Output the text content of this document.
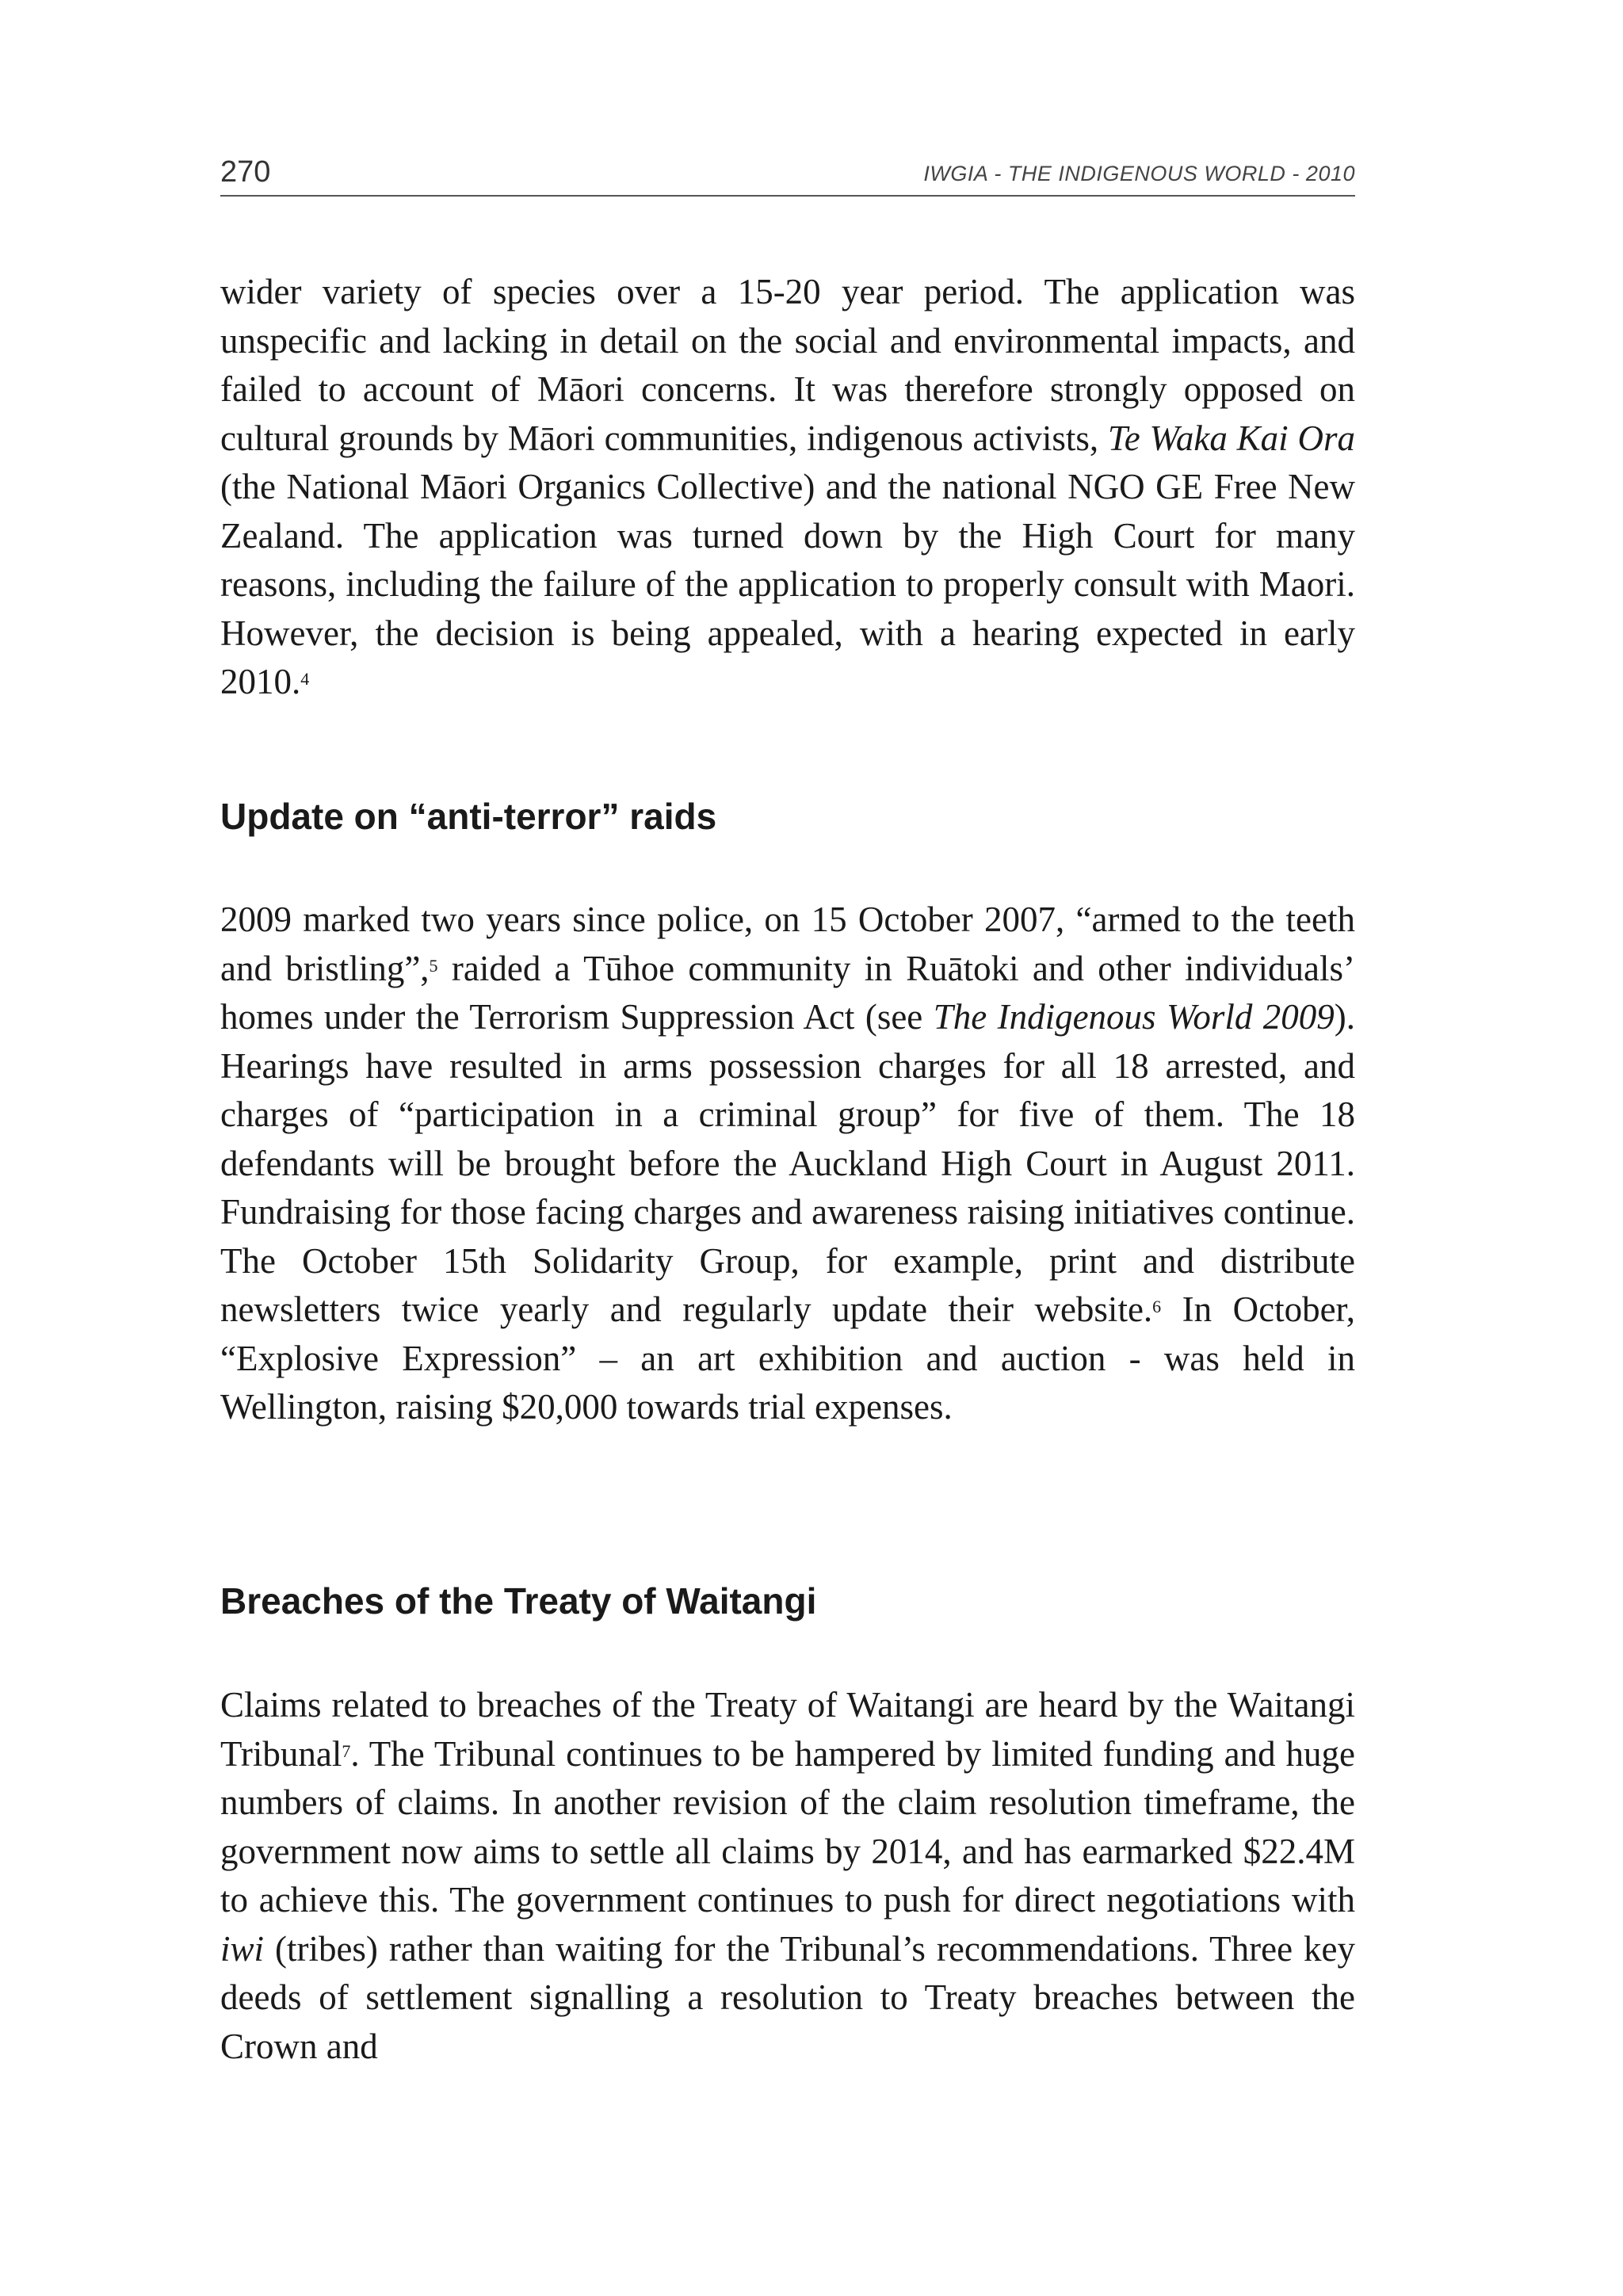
270	IWGIA - THE INDIGENOUS WORLD - 2010

wider variety of species over a 15-20 year period. The application was unspecific and lacking in detail on the social and environmental impacts, and failed to account of Māori concerns. It was therefore strongly opposed on cultural grounds by Māori communities, indigenous activists, Te Waka Kai Ora (the National Māori Organics Collective) and the national NGO GE Free New Zealand. The application was turned down by the High Court for many reasons, including the failure of the application to properly consult with Maori. However, the decision is being appealed, with a hearing expected in early 2010.$^4$

Update on “anti-terror” raids

2009 marked two years since police, on 15 October 2007, “armed to the teeth and bristling”,$^5$ raided a Tūhoe community in Ruātoki and other individuals’ homes under the Terrorism Suppression Act (see The Indigenous World 2009). Hearings have resulted in arms possession charges for all 18 arrested, and charges of “participation in a criminal group” for five of them. The 18 defendants will be brought before the Auckland High Court in August 2011. Fundraising for those facing charges and awareness raising initiatives continue. The October 15th Solidarity Group, for example, print and distribute newsletters twice yearly and regularly update their website.$^6$ In October, “Explosive Expression” – an art exhibition and auction - was held in Wellington, raising $20,000 towards trial expenses.

Breaches of the Treaty of Waitangi

Claims related to breaches of the Treaty of Waitangi are heard by the Waitangi Tribunal$^7$. The Tribunal continues to be hampered by limited funding and huge numbers of claims. In another revision of the claim resolution timeframe, the government now aims to settle all claims by 2014, and has earmarked $22.4M to achieve this. The government continues to push for direct negotiations with iwi (tribes) rather than waiting for the Tribunal’s recommendations. Three key deeds of settlement signalling a resolution to Treaty breaches between the Crown and
